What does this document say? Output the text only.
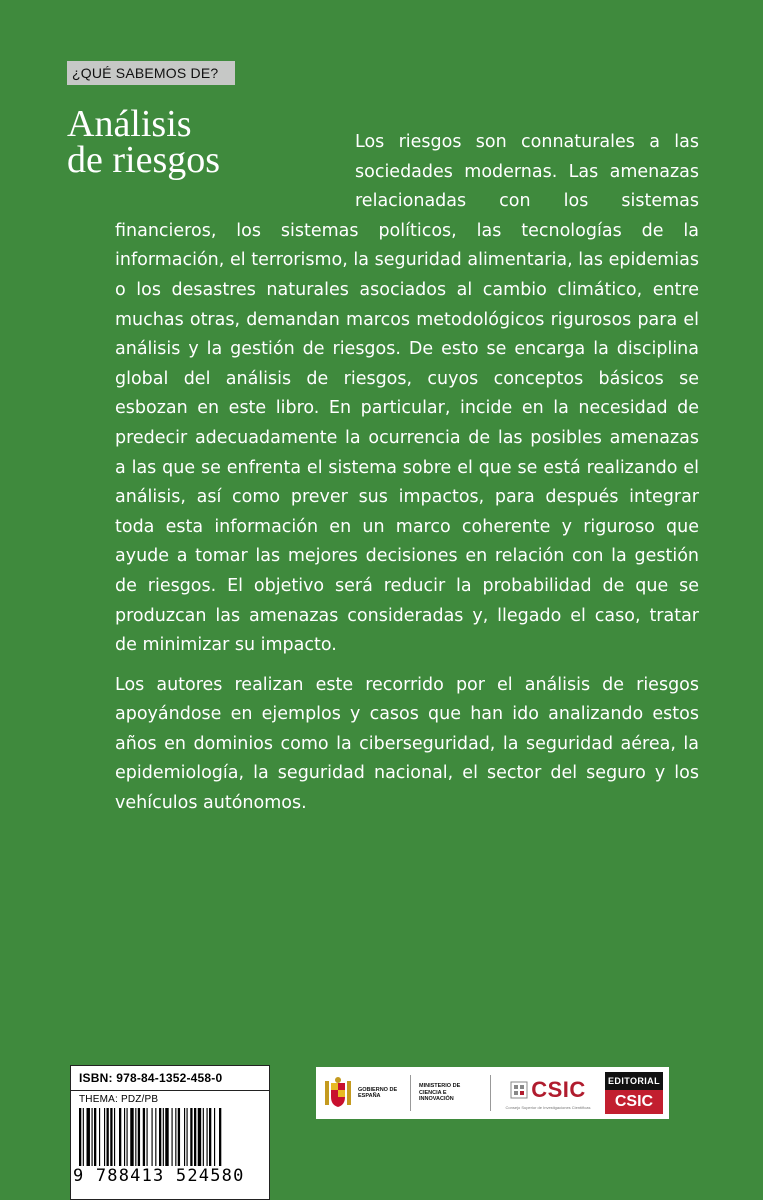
¿QUÉ SABEMOS DE?
Análisis
de riesgos	Los riesgos son connaturales a las sociedades modernas. Las amenazas relacionadas con los sistemas financieros, los sistemas políticos, las tecnologías de la información, el terrorismo, la seguridad alimentaria, las epidemias o los desastres naturales asociados al cambio climático, entre muchas otras, demandan marcos metodológicos rigurosos para el análisis y la gestión de riesgos. De esto se encarga la disciplina global del análisis de riesgos, cuyos conceptos básicos se esbozan en este libro. En particular, incide en la necesidad de predecir adecuadamente la ocurrencia de las posibles amenazas a las que se enfrenta el sistema sobre el que se está realizando el análisis, así como prever sus impactos, para después integrar toda esta información en un marco coherente y riguroso que ayude a tomar las mejores decisiones en relación con la gestión de riesgos. El objetivo será reducir la probabilidad de que se produzcan las amenazas consideradas y, llegado el caso, tratar de minimizar su impacto.

Los autores realizan este recorrido por el análisis de riesgos apoyándose en ejemplos y casos que han ido analizando estos años en dominios como la ciberseguridad, la seguridad aérea, la epidemiología, la seguridad nacional, el sector del seguro y los vehículos autónomos.

ISBN: 978-84-1352-458-0
THEMA: PDZ/PB
9 788413 524580
GOBIERNO DE ESPAÑA
MINISTERIO DE CIENCIA E INNOVACIÓN	CSIC
Consejo Superior de Investigaciones Científicas
EDITORIAL
CSIC
